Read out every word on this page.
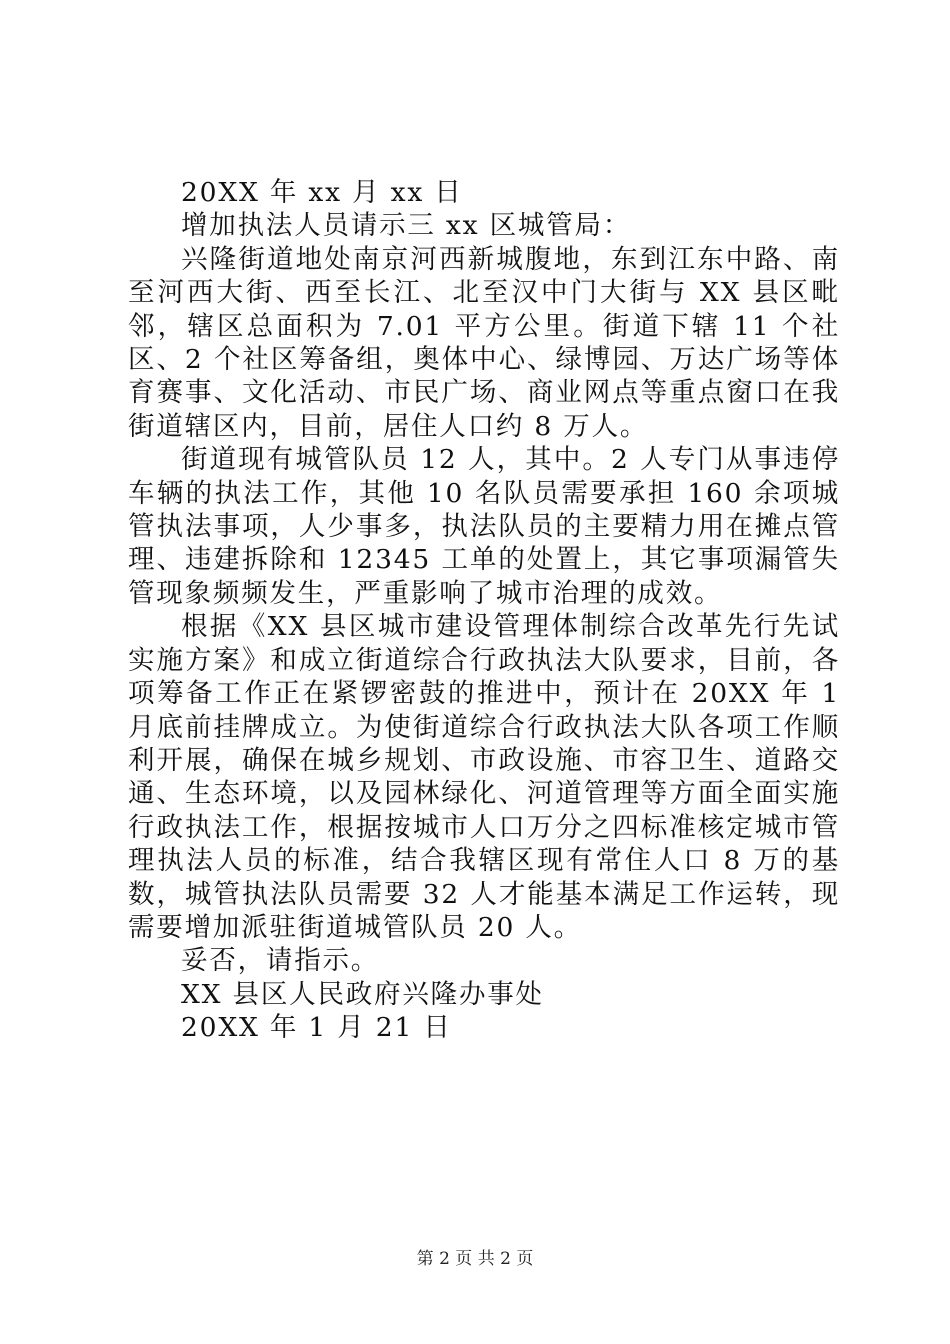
20XX 年 xx 月 xx 日

增加执法人员请示三 xx 区城管局：

兴隆街道地处南京河西新城腹地，东到江东中路、南至河西大街、西至长江、北至汉中门大街与 XX 县区毗邻，辖区总面积为 7.01 平方公里。街道下辖 11 个社区、2 个社区筹备组，奥体中心、绿博园、万达广场等体育赛事、文化活动、市民广场、商业网点等重点窗口在我街道辖区内，目前，居住人口约 8 万人。

街道现有城管队员 12 人，其中。2 人专门从事违停车辆的执法工作，其他 10 名队员需要承担 160 余项城管执法事项，人少事多，执法队员的主要精力用在摊点管理、违建拆除和 12345 工单的处置上，其它事项漏管失管现象频频发生，严重影响了城市治理的成效。

根据《XX 县区城市建设管理体制综合改革先行先试实施方案》和成立街道综合行政执法大队要求，目前，各项筹备工作正在紧锣密鼓的推进中，预计在 20XX 年 1 月底前挂牌成立。为使街道综合行政执法大队各项工作顺利开展，确保在城乡规划、市政设施、市容卫生、道路交通、生态环境，以及园林绿化、河道管理等方面全面实施行政执法工作，根据按城市人口万分之四标准核定城市管理执法人员的标准，结合我辖区现有常住人口 8 万的基数，城管执法队员需要 32 人才能基本满足工作运转，现需要增加派驻街道城管队员 20 人。

妥否，请指示。

XX 县区人民政府兴隆办事处

20XX 年 1 月 21 日

第 2 页 共 2 页
